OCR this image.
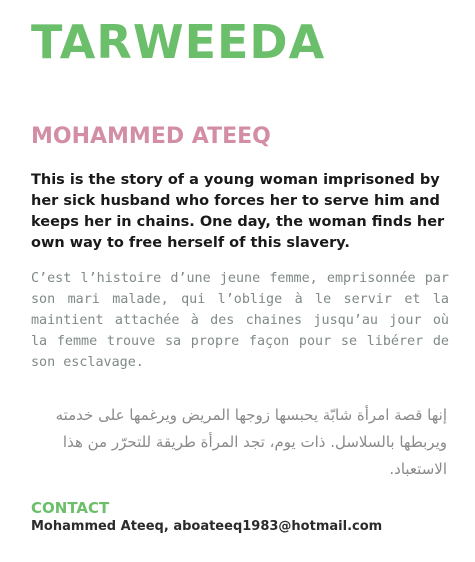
TARWEEDA
MOHAMMED ATEEQ

This is the story of a young woman imprisoned by her sick husband who forces her to serve him and keeps her in chains. One day, the woman finds her own way to free herself of this slavery.

C’est l’histoire d’une jeune femme, emprisonnée par son mari malade, qui l’oblige à le servir et la maintient attachée à des chaines jusqu’au jour où la femme trouve sa propre façon pour se libérer de son esclavage.

إنها قصة امرأة شابّة يحبسها زوجها المريض ويرغمها على خدمته ويربطها بالسلاسل. ذات يوم، تجد المرأة طريقة للتحرّر من هذا الاستعباد.

CONTACT
Mohammed Ateeq, aboateeq1983@hotmail.com
